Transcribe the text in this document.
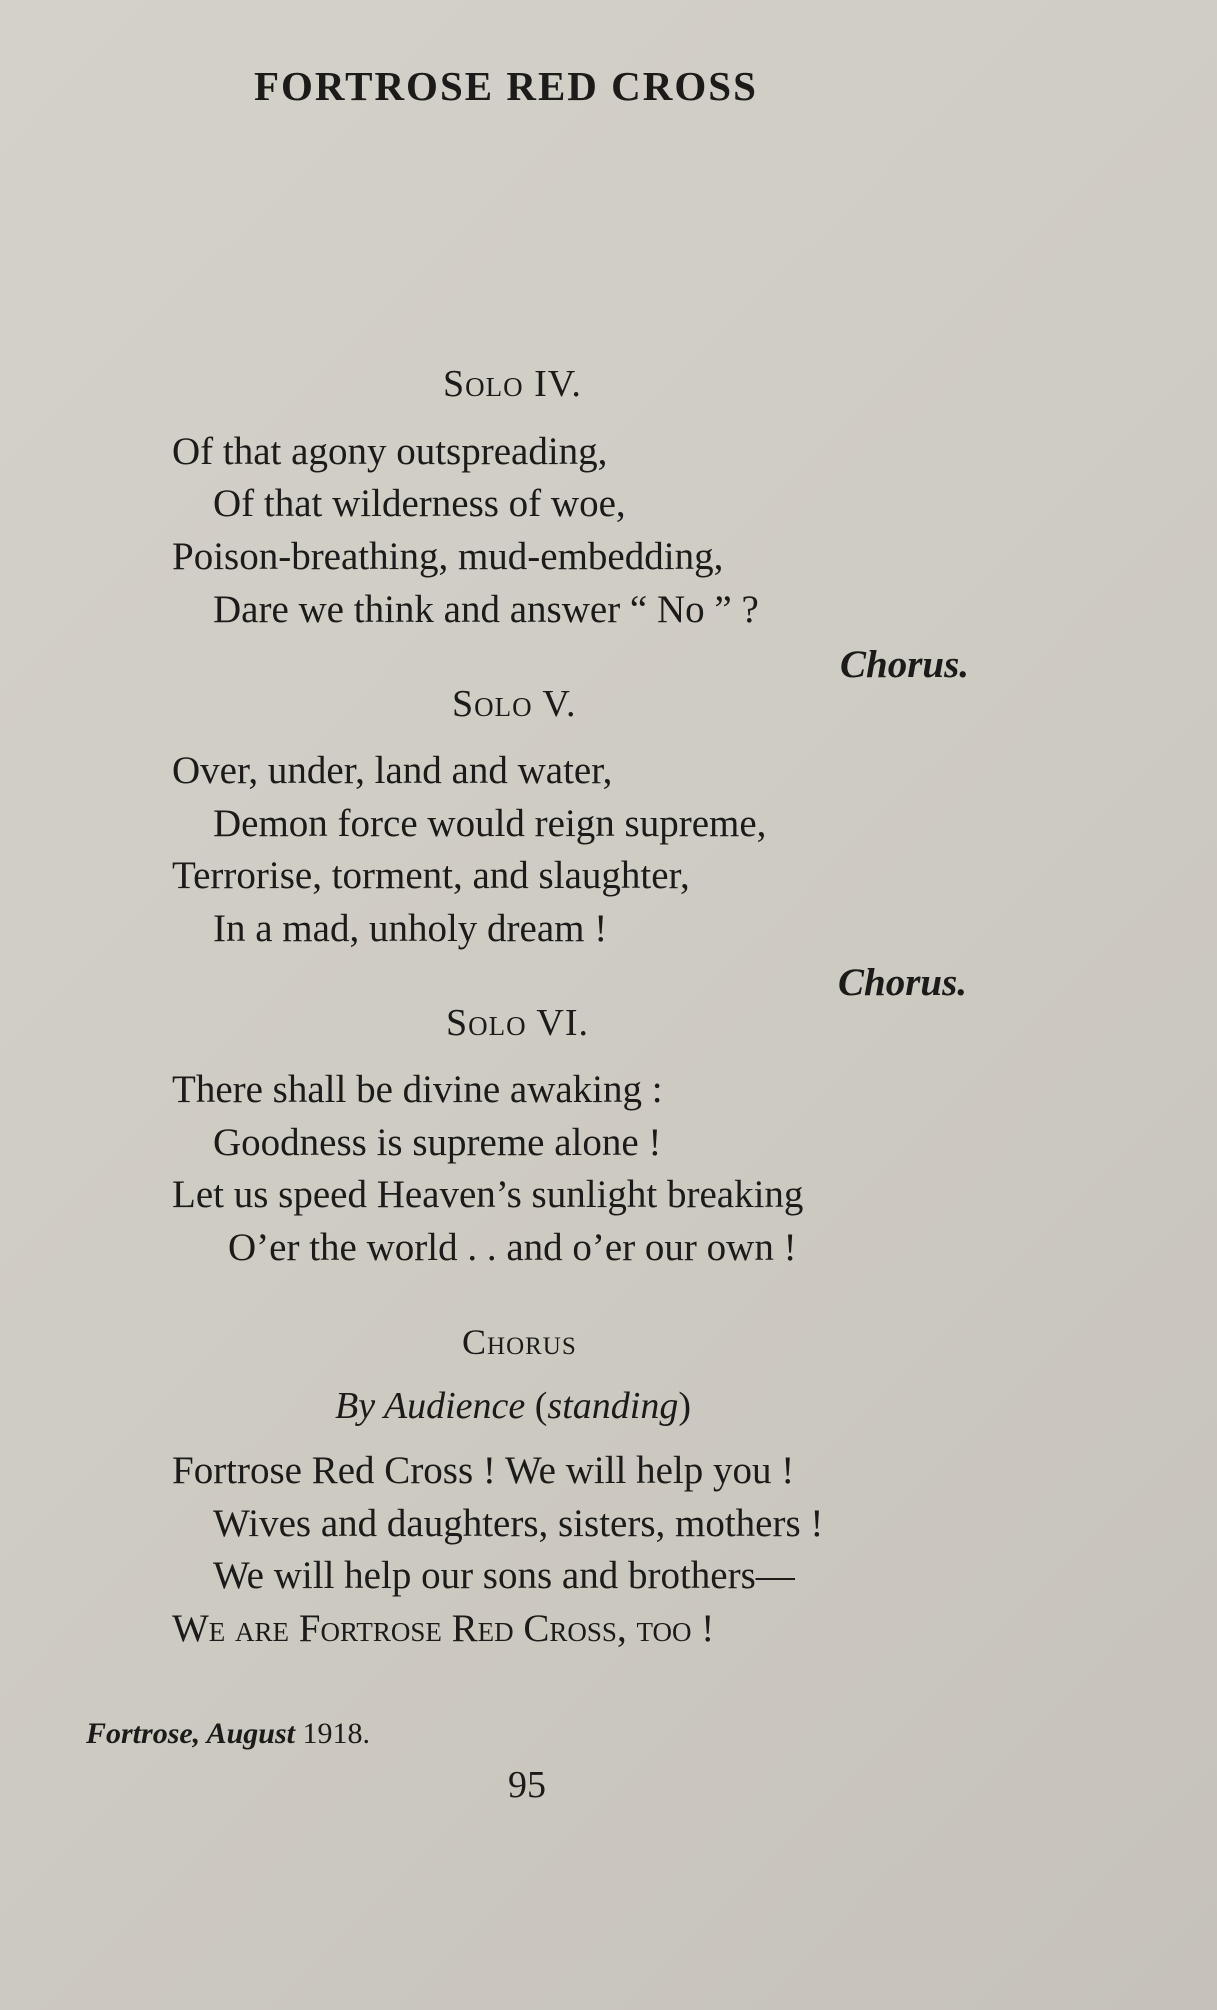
FORTROSE RED CROSS
Solo IV.
Of that agony outspreading,
Of that wilderness of woe,
Poison-breathing, mud-embedding,
Dare we think and answer “ No ” ?
Chorus.
Solo V.
Over, under, land and water,
Demon force would reign supreme,
Terrorise, torment, and slaughter,
In a mad, unholy dream !
Chorus.
Solo VI.
There shall be divine awaking :
Goodness is supreme alone !
Let us speed Heaven’s sunlight breaking
O’er the world . . and o’er our own !
Chorus
By Audience (standing)
Fortrose Red Cross ! We will help you !
Wives and daughters, sisters, mothers !
We will help our sons and brothers—
We are Fortrose Red Cross, too !
Fortrose, August 1918.
95
